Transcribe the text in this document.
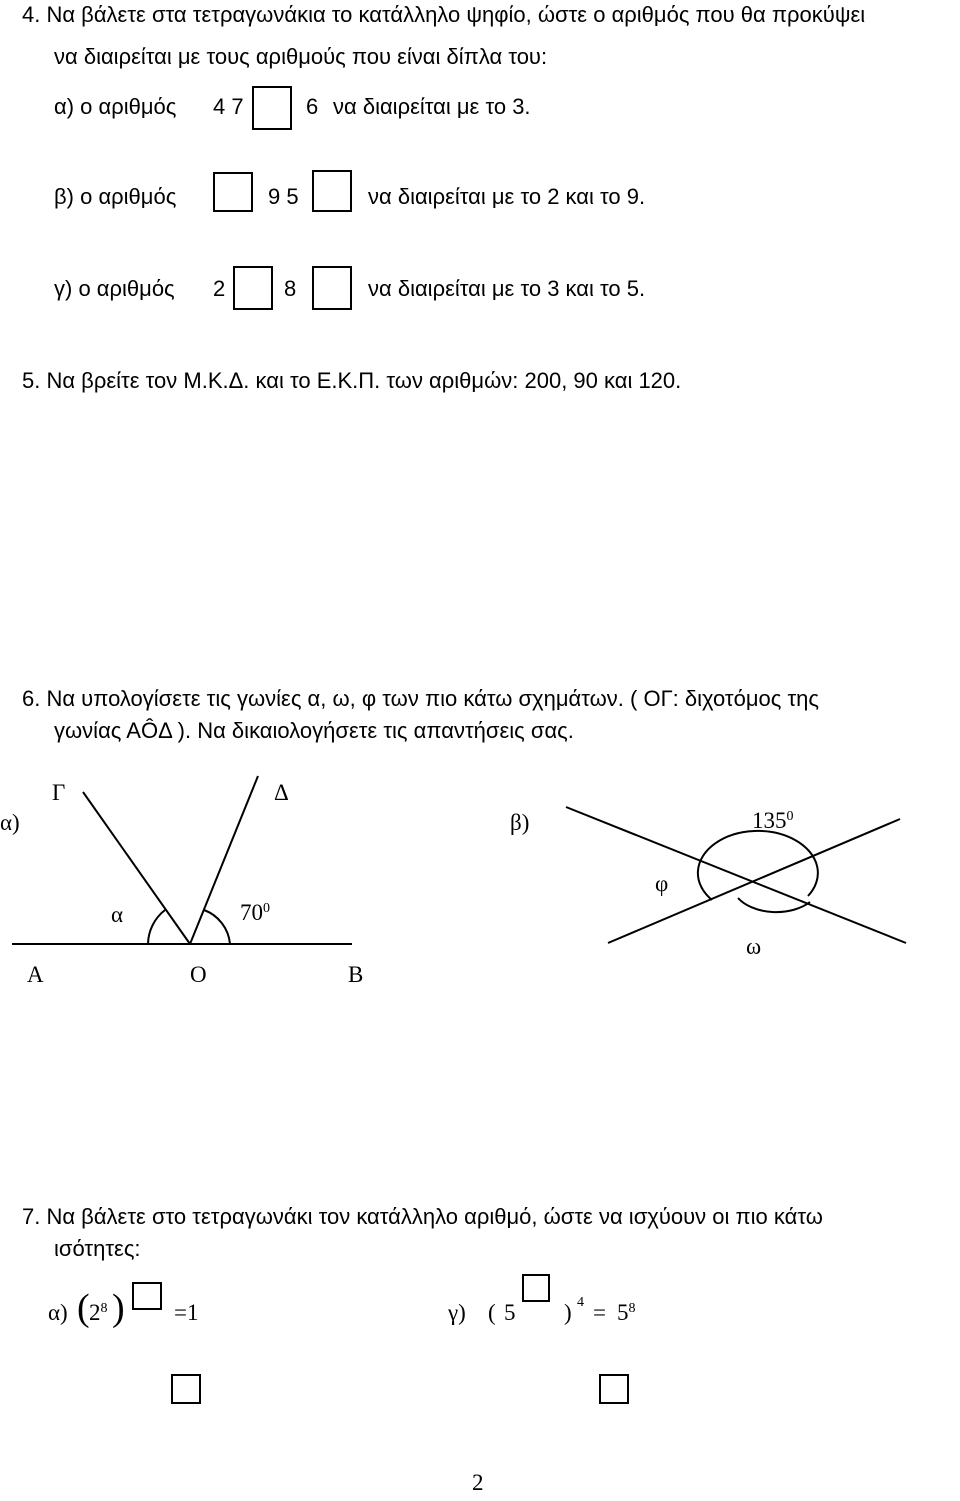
4. Να βάλετε στα τετραγωνάκια το κατάλληλο ψηφίο, ώστε ο αριθμός που θα προκύψει
να διαιρείται με τους αριθμούς που είναι δίπλα του:
α) ο αριθμός 4 7	6 να διαιρείται με το 3.
β) ο αριθμός	9 5	να διαιρείται με το 2 και το 9.
γ) ο αριθμός 2	8	να διαιρείται με το 3 και το 5.
5. Να βρείτε τον Μ.Κ.Δ. και το Ε.Κ.Π. των αριθμών: 200, 90 και 120.
6. Να υπολογίσετε τις γωνίες α, ω, φ των πιο κάτω σχημάτων. ( ΟΓ: διχοτόμος της
γωνίας ΑÔΔ ). Να δικαιολογήσετε τις απαντήσεις σας.
α)
Γ	Δ
α	$70^0$
Α	Ο	Β
β)	$135^0$
φ
ω
7. Να βάλετε στο τετραγωνάκι τον κατάλληλο αριθμό, ώστε να ισχύουν οι πιο κάτω
ισότητες:
α) ( $2^8$ ) =1	γ) ( 5 ) $4 = 5^8$
2
